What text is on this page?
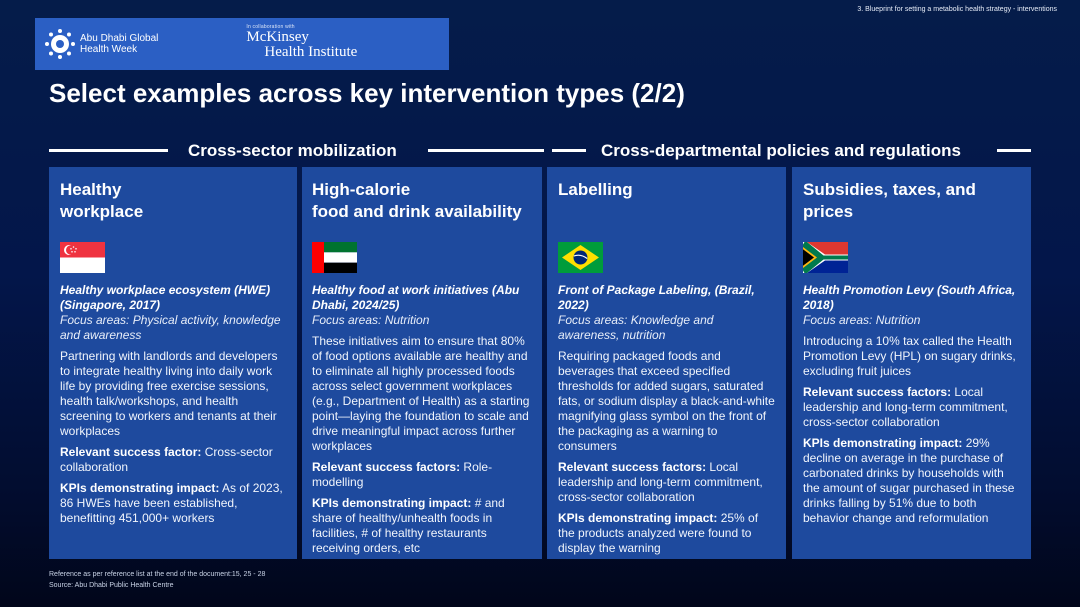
3. Blueprint for setting a metabolic health strategy - interventions
Abu Dhabi Global
Health Week
In collaboration with
McKinsey
Health Institute
Select examples across key intervention types (2/2)
Cross-sector mobilization	Cross-departmental policies and regulations
Healthy
workplace
Healthy workplace ecosystem (HWE) (Singapore, 2017)
Focus areas: Physical activity, knowledge and awareness
Partnering with landlords and developers to integrate healthy living into daily work life by providing free exercise sessions, health talk/workshops, and health screening to workers and tenants at their workplaces
Relevant success factor: Cross-sector collaboration
KPIs demonstrating impact: As of 2023, 86 HWEs have been established, benefitting 451,000+ workers
High-calorie
food and drink availability
Healthy food at work initiatives (Abu Dhabi, 2024/25)
Focus areas: Nutrition
These initiatives aim to ensure that 80% of food options available are healthy and to eliminate all highly processed foods across select government workplaces (e.g., Department of Health) as a starting point—laying the foundation to scale and drive meaningful impact across further workplaces
Relevant success factors: Role-modelling
KPIs demonstrating impact: # and share of healthy/unhealth foods in facilities, # of healthy restaurants receiving orders, etc
Labelling
Front of Package Labeling, (Brazil, 2022)
Focus areas: Knowledge and awareness, nutrition
Requiring packaged foods and beverages that exceed specified thresholds for added sugars, saturated fats, or sodium display a black-and-white magnifying glass symbol on the front of the packaging as a warning to consumers
Relevant success factors: Local leadership and long-term commitment, cross-sector collaboration
KPIs demonstrating impact: 25% of the products analyzed were found to display the warning
Subsidies, taxes, and
prices
Health Promotion Levy (South Africa, 2018)
Focus areas: Nutrition
Introducing a 10% tax called the Health Promotion Levy (HPL) on sugary drinks, excluding fruit juices
Relevant success factors: Local leadership and long-term commitment, cross-sector collaboration
KPIs demonstrating impact: 29% decline on average in the purchase of carbonated drinks by households with the amount of sugar purchased in these drinks falling by 51% due to both behavior change and reformulation
Reference as per reference list at the end of the document:15, 25 - 28
Source: Abu Dhabi Public Health Centre
